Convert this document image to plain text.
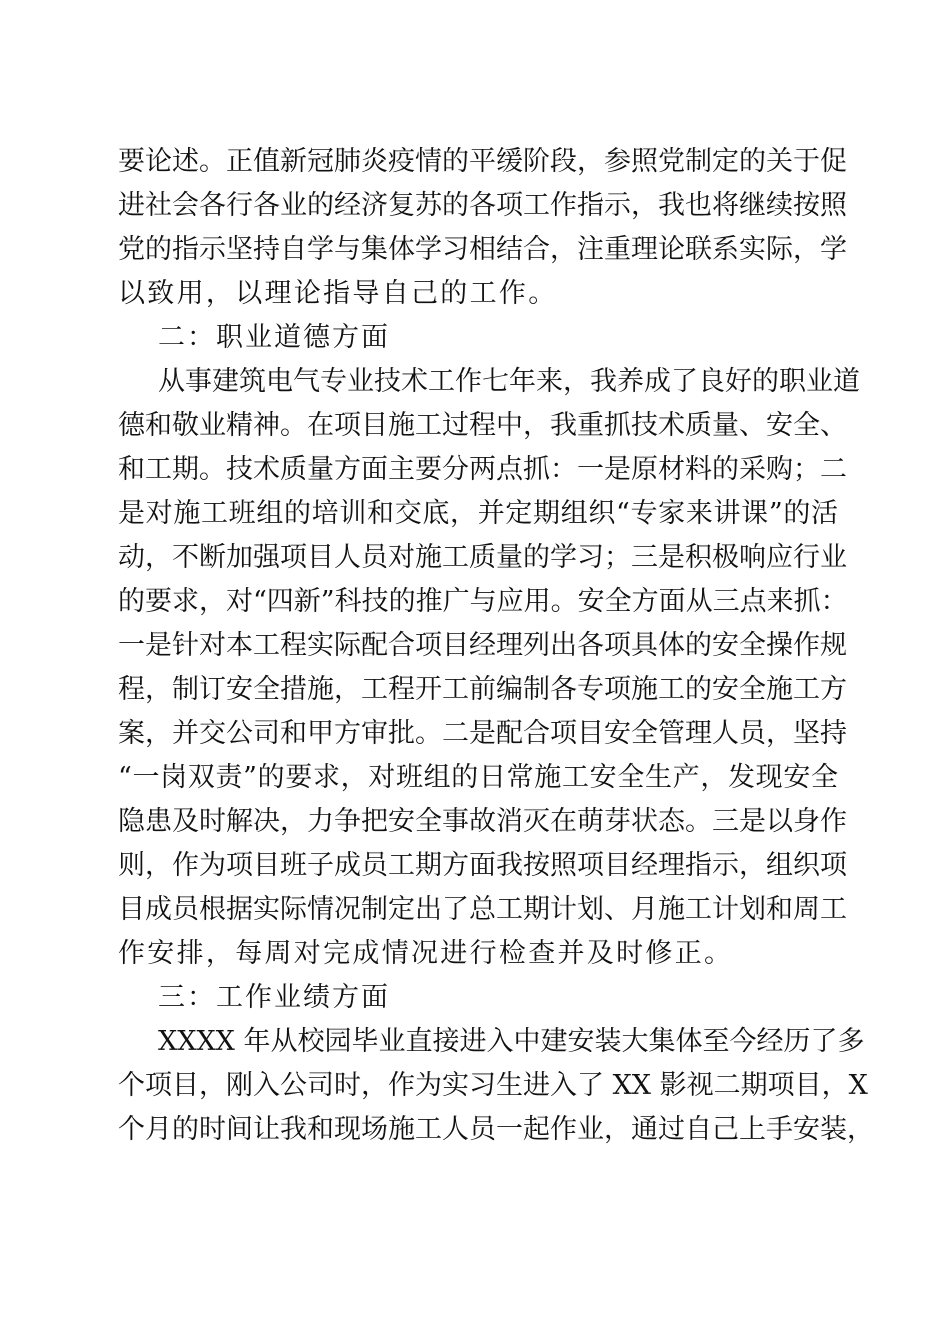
要论述。正值新冠肺炎疫情的平缓阶段，参照党制定的关于促
进社会各行各业的经济复苏的各项工作指示，我也将继续按照
党的指示坚持自学与集体学习相结合，注重理论联系实际，学
以致用，以理论指导自己的工作。
二：职业道德方面
从事建筑电气专业技术工作七年来，我养成了良好的职业道
德和敬业精神。在项目施工过程中，我重抓技术质量、安全、
和工期。技术质量方面主要分两点抓：一是原材料的采购；二
是对施工班组的培训和交底，并定期组织“专家来讲课”的活
动，不断加强项目人员对施工质量的学习；三是积极响应行业
的要求，对“四新”科技的推广与应用。安全方面从三点来抓：
一是针对本工程实际配合项目经理列出各项具体的安全操作规
程，制订安全措施，工程开工前编制各专项施工的安全施工方
案，并交公司和甲方审批。二是配合项目安全管理人员，坚持
“一岗双责”的要求，对班组的日常施工安全生产，发现安全
隐患及时解决，力争把安全事故消灭在萌芽状态。三是以身作
则，作为项目班子成员工期方面我按照项目经理指示，组织项
目成员根据实际情况制定出了总工期计划、月施工计划和周工
作安排，每周对完成情况进行检查并及时修正。
三：工作业绩方面
XXXX 年从校园毕业直接进入中建安装大集体至今经历了多
个项目，刚入公司时，作为实习生进入了 XX 影视二期项目，X
个月的时间让我和现场施工人员一起作业，通过自己上手安装，
